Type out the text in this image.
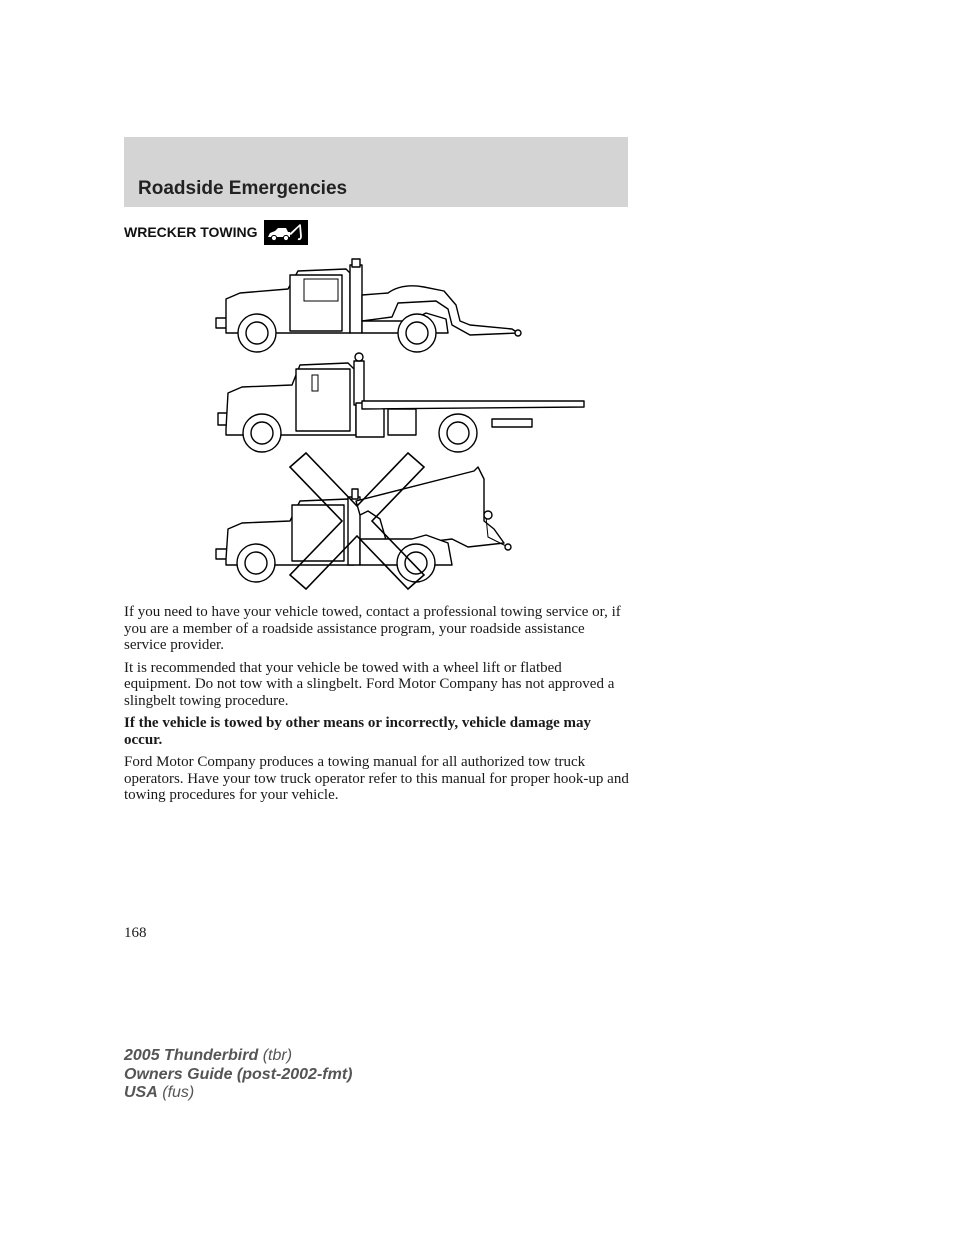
Roadside Emergencies
WRECKER TOWING

If you need to have your vehicle towed, contact a professional towing service or, if you are a member of a roadside assistance program, your roadside assistance service provider.

It is recommended that your vehicle be towed with a wheel lift or flatbed equipment. Do not tow with a slingbelt. Ford Motor Company has not approved a slingbelt towing procedure.

If the vehicle is towed by other means or incorrectly, vehicle damage may occur.

Ford Motor Company produces a towing manual for all authorized tow truck operators. Have your tow truck operator refer to this manual for proper hook-up and towing procedures for your vehicle.

168
2005 Thunderbird (tbr)
Owners Guide (post-2002-fmt)
USA (fus)
